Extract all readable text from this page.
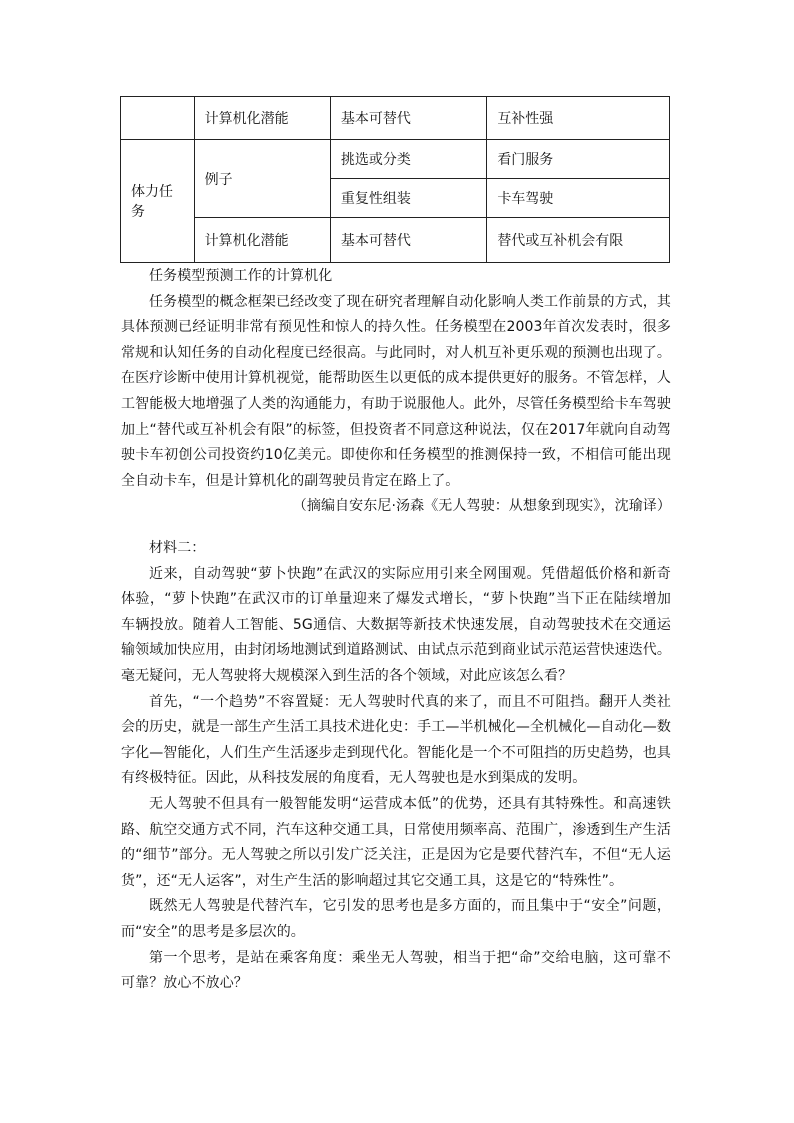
	计算机化潜能	基本可替代	互补性强
体力任务	例子	挑选或分类	看门服务
		重复性组装	卡车驾驶
	计算机化潜能	基本可替代	替代或互补机会有限

任务模型预测工作的计算机化

任务模型的概念框架已经改变了现在研究者理解自动化影响人类工作前景的方式，其具体预测已经证明非常有预见性和惊人的持久性。任务模型在2003年首次发表时，很多常规和认知任务的自动化程度已经很高。与此同时，对人机互补更乐观的预测也出现了。在医疗诊断中使用计算机视觉，能帮助医生以更低的成本提供更好的服务。不管怎样，人工智能极大地增强了人类的沟通能力，有助于说服他人。此外，尽管任务模型给卡车驾驶加上“替代或互补机会有限”的标签，但投资者不同意这种说法，仅在2017年就向自动驾驶卡车初创公司投资约10亿美元。即使你和任务模型的推测保持一致，不相信可能出现全自动卡车，但是计算机化的副驾驶员肯定在路上了。

（摘编自安东尼·汤森《无人驾驶：从想象到现实》，沈瑜译）

材料二：

近来，自动驾驶“萝卜快跑”在武汉的实际应用引来全网围观。凭借超低价格和新奇体验，“萝卜快跑”在武汉市的订单量迎来了爆发式增长，“萝卜快跑”当下正在陆续增加车辆投放。随着人工智能、5G通信、大数据等新技术快速发展，自动驾驶技术在交通运输领域加快应用，由封闭场地测试到道路测试、由试点示范到商业试示范运营快速迭代。毫无疑问，无人驾驶将大规模深入到生活的各个领域，对此应该怎么看？

首先，“一个趋势”不容置疑：无人驾驶时代真的来了，而且不可阻挡。翻开人类社会的历史，就是一部生产生活工具技术进化史：手工—半机械化—全机械化—自动化—数字化—智能化，人们生产生活逐步走到现代化。智能化是一个不可阻挡的历史趋势，也具有终极特征。因此，从科技发展的角度看，无人驾驶也是水到渠成的发明。

无人驾驶不但具有一般智能发明“运营成本低”的优势，还具有其特殊性。和高速铁路、航空交通方式不同，汽车这种交通工具，日常使用频率高、范围广，渗透到生产生活的“细节”部分。无人驾驶之所以引发广泛关注，正是因为它是要代替汽车，不但“无人运货”，还“无人运客”，对生产生活的影响超过其它交通工具，这是它的“特殊性”。

既然无人驾驶是代替汽车，它引发的思考也是多方面的，而且集中于“安全”问题，而“安全”的思考是多层次的。

第一个思考，是站在乘客角度：乘坐无人驾驶，相当于把“命”交给电脑，这可靠不可靠？放心不放心？
